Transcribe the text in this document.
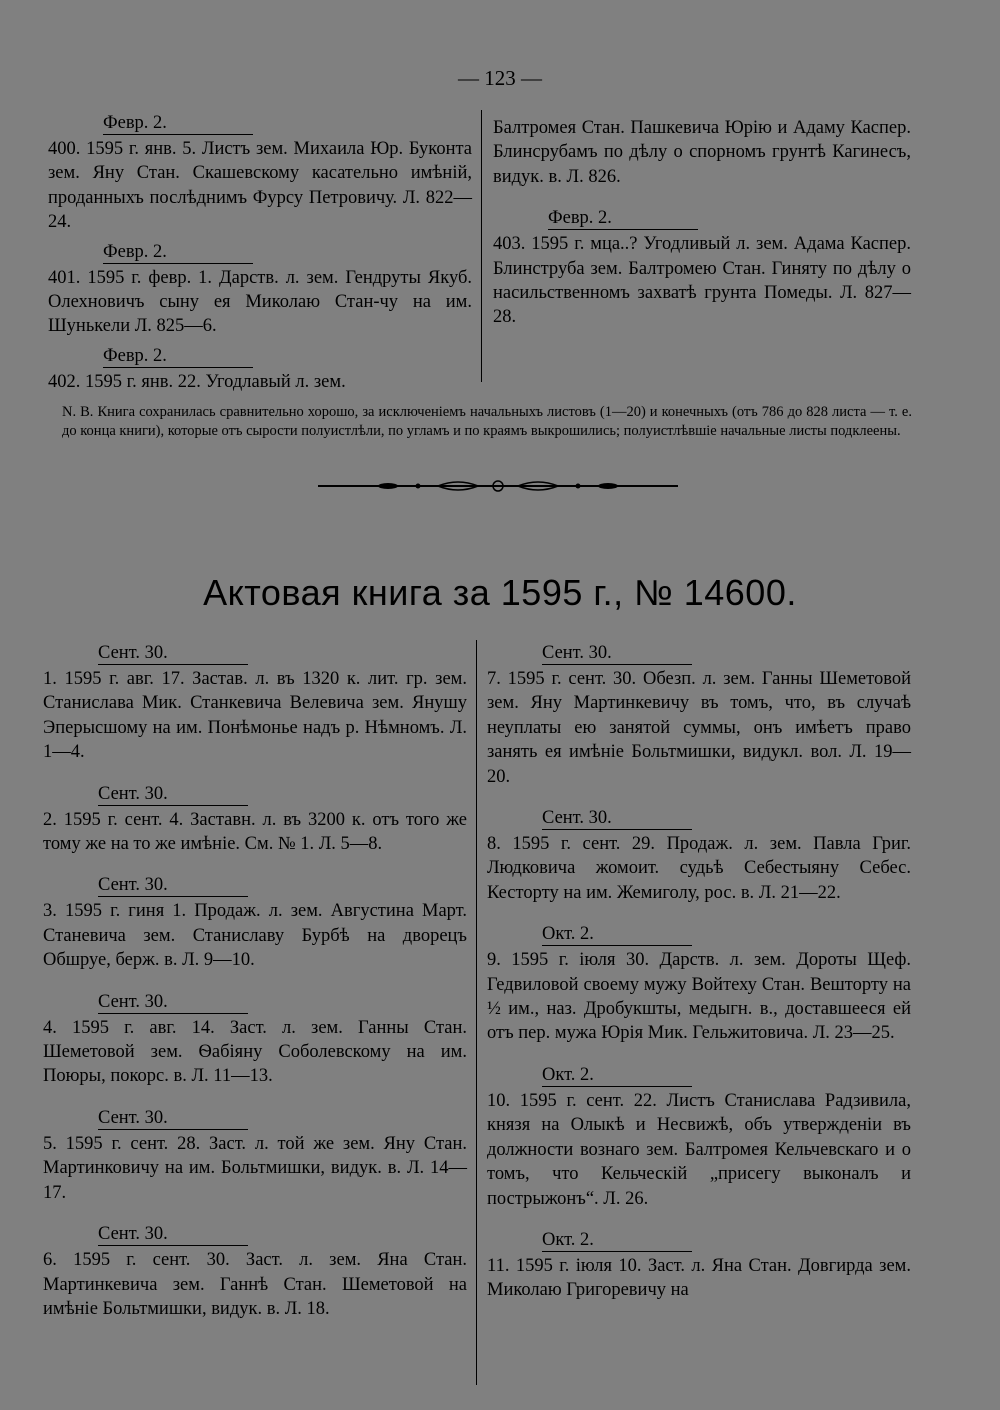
— 123 —
Февр. 2.
400. 1595 г. янв. 5. Листъ зем. Михаила Юр. Буконта зем. Яну Стан. Скашевскому касательно имѣній, проданныхъ послѣднимъ Фурсу Петровичу. Л. 822—24.
Февр. 2.
401. 1595 г. февр. 1. Дарств. л. зем. Гендруты Якуб. Олехновичъ сыну ея Миколаю Стан-чу на им. Шунькели Л. 825—6.
Февр. 2.
402. 1595 г. янв. 22. Угодлавый л. зем.
Балтромея Стан. Пашкевича Юрію и Адаму Каспер. Блинсрубамъ по дѣлу о спорномъ грунтѣ Кагинесъ, видук. в. Л. 826.
Февр. 2.
403. 1595 г. мца..? Угодливый л. зем. Адама Каспер. Блинструба зем. Балтромею Стан. Гиняту по дѣлу о насильственномъ захватѣ грунта Помеды. Л. 827—28.
N. B. Книга сохранилась сравнительно хорошо, за исключеніемъ начальныхъ листовъ (1—20) и конечныхъ (отъ 786 до 828 листа — т. е. до конца книги), которые отъ сырости полуистлѣли, по угламъ и по краямъ выкрошились; полуистлѣвшіе начальные листы подклеены.
Актовая книга за 1595 г., № 14600.
Сент. 30.
1. 1595 г. авг. 17. Застав. л. въ 1320 к. лит. гр. зем. Станислава Мик. Станкевича Велевича зем. Янушу Эперысшому на им. Понѣмонье надъ р. Нѣмномъ. Л. 1—4.
Сент. 30.
2. 1595 г. сент. 4. Заставн. л. въ 3200 к. отъ того же тому же на то же имѣніе. См. № 1. Л. 5—8.
Сент. 30.
3. 1595 г. гиня 1. Продаж. л. зем. Августина Март. Станевича зем. Станиславу Бурбѣ на дворецъ Обшруе, берж. в. Л. 9—10.
Сент. 30.
4. 1595 г. авг. 14. Заст. л. зем. Ганны Стан. Шеметовой зем. Ѳабіяну Соболевскому на им. Поюры, покорс. в. Л. 11—13.
Сент. 30.
5. 1595 г. сент. 28. Заст. л. той же зем. Яну Стан. Мартинковичу на им. Больтмишки, видук. в. Л. 14—17.
Сент. 30.
6. 1595 г. сент. 30. Заст. л. зем. Яна Стан. Мартинкевича зем. Ганнѣ Стан. Шеметовой на имѣніе Больтмишки, видук. в. Л. 18.
Сент. 30.
7. 1595 г. сент. 30. Обезп. л. зем. Ганны Шеметовой зем. Яну Мартинкевичу въ томъ, что, въ случаѣ неуплаты ею занятой суммы, онъ имѣетъ право занять ея имѣніе Больтмишки, видукл. вол. Л. 19—20.
Сент. 30.
8. 1595 г. сент. 29. Продаж. л. зем. Павла Григ. Людковича жомоит. судьѣ Себестыяну Себес. Кесторту на им. Жемиголу, рос. в. Л. 21—22.
Окт. 2.
9. 1595 г. іюля 30. Дарств. л. зем. Дороты Щеф. Гедвиловой своему мужу Войтеху Стан. Вешторту на ½ им., наз. Дробукшты, медыгн. в., доставшееся ей отъ пер. мужа Юрія Мик. Гельжитовича. Л. 23—25.
Окт. 2.
10. 1595 г. сент. 22. Листъ Станислава Радзивила, князя на Олыкѣ и Несвижѣ, объ утвержденіи въ должности вознаго зем. Балтромея Кельчевскаго и о томъ, что Кельческій „присегу выконалъ и пострыжонъ“. Л. 26.
Окт. 2.
11. 1595 г. іюля 10. Заст. л. Яна Стан. Довгирда зем. Миколаю Григоревичу на
